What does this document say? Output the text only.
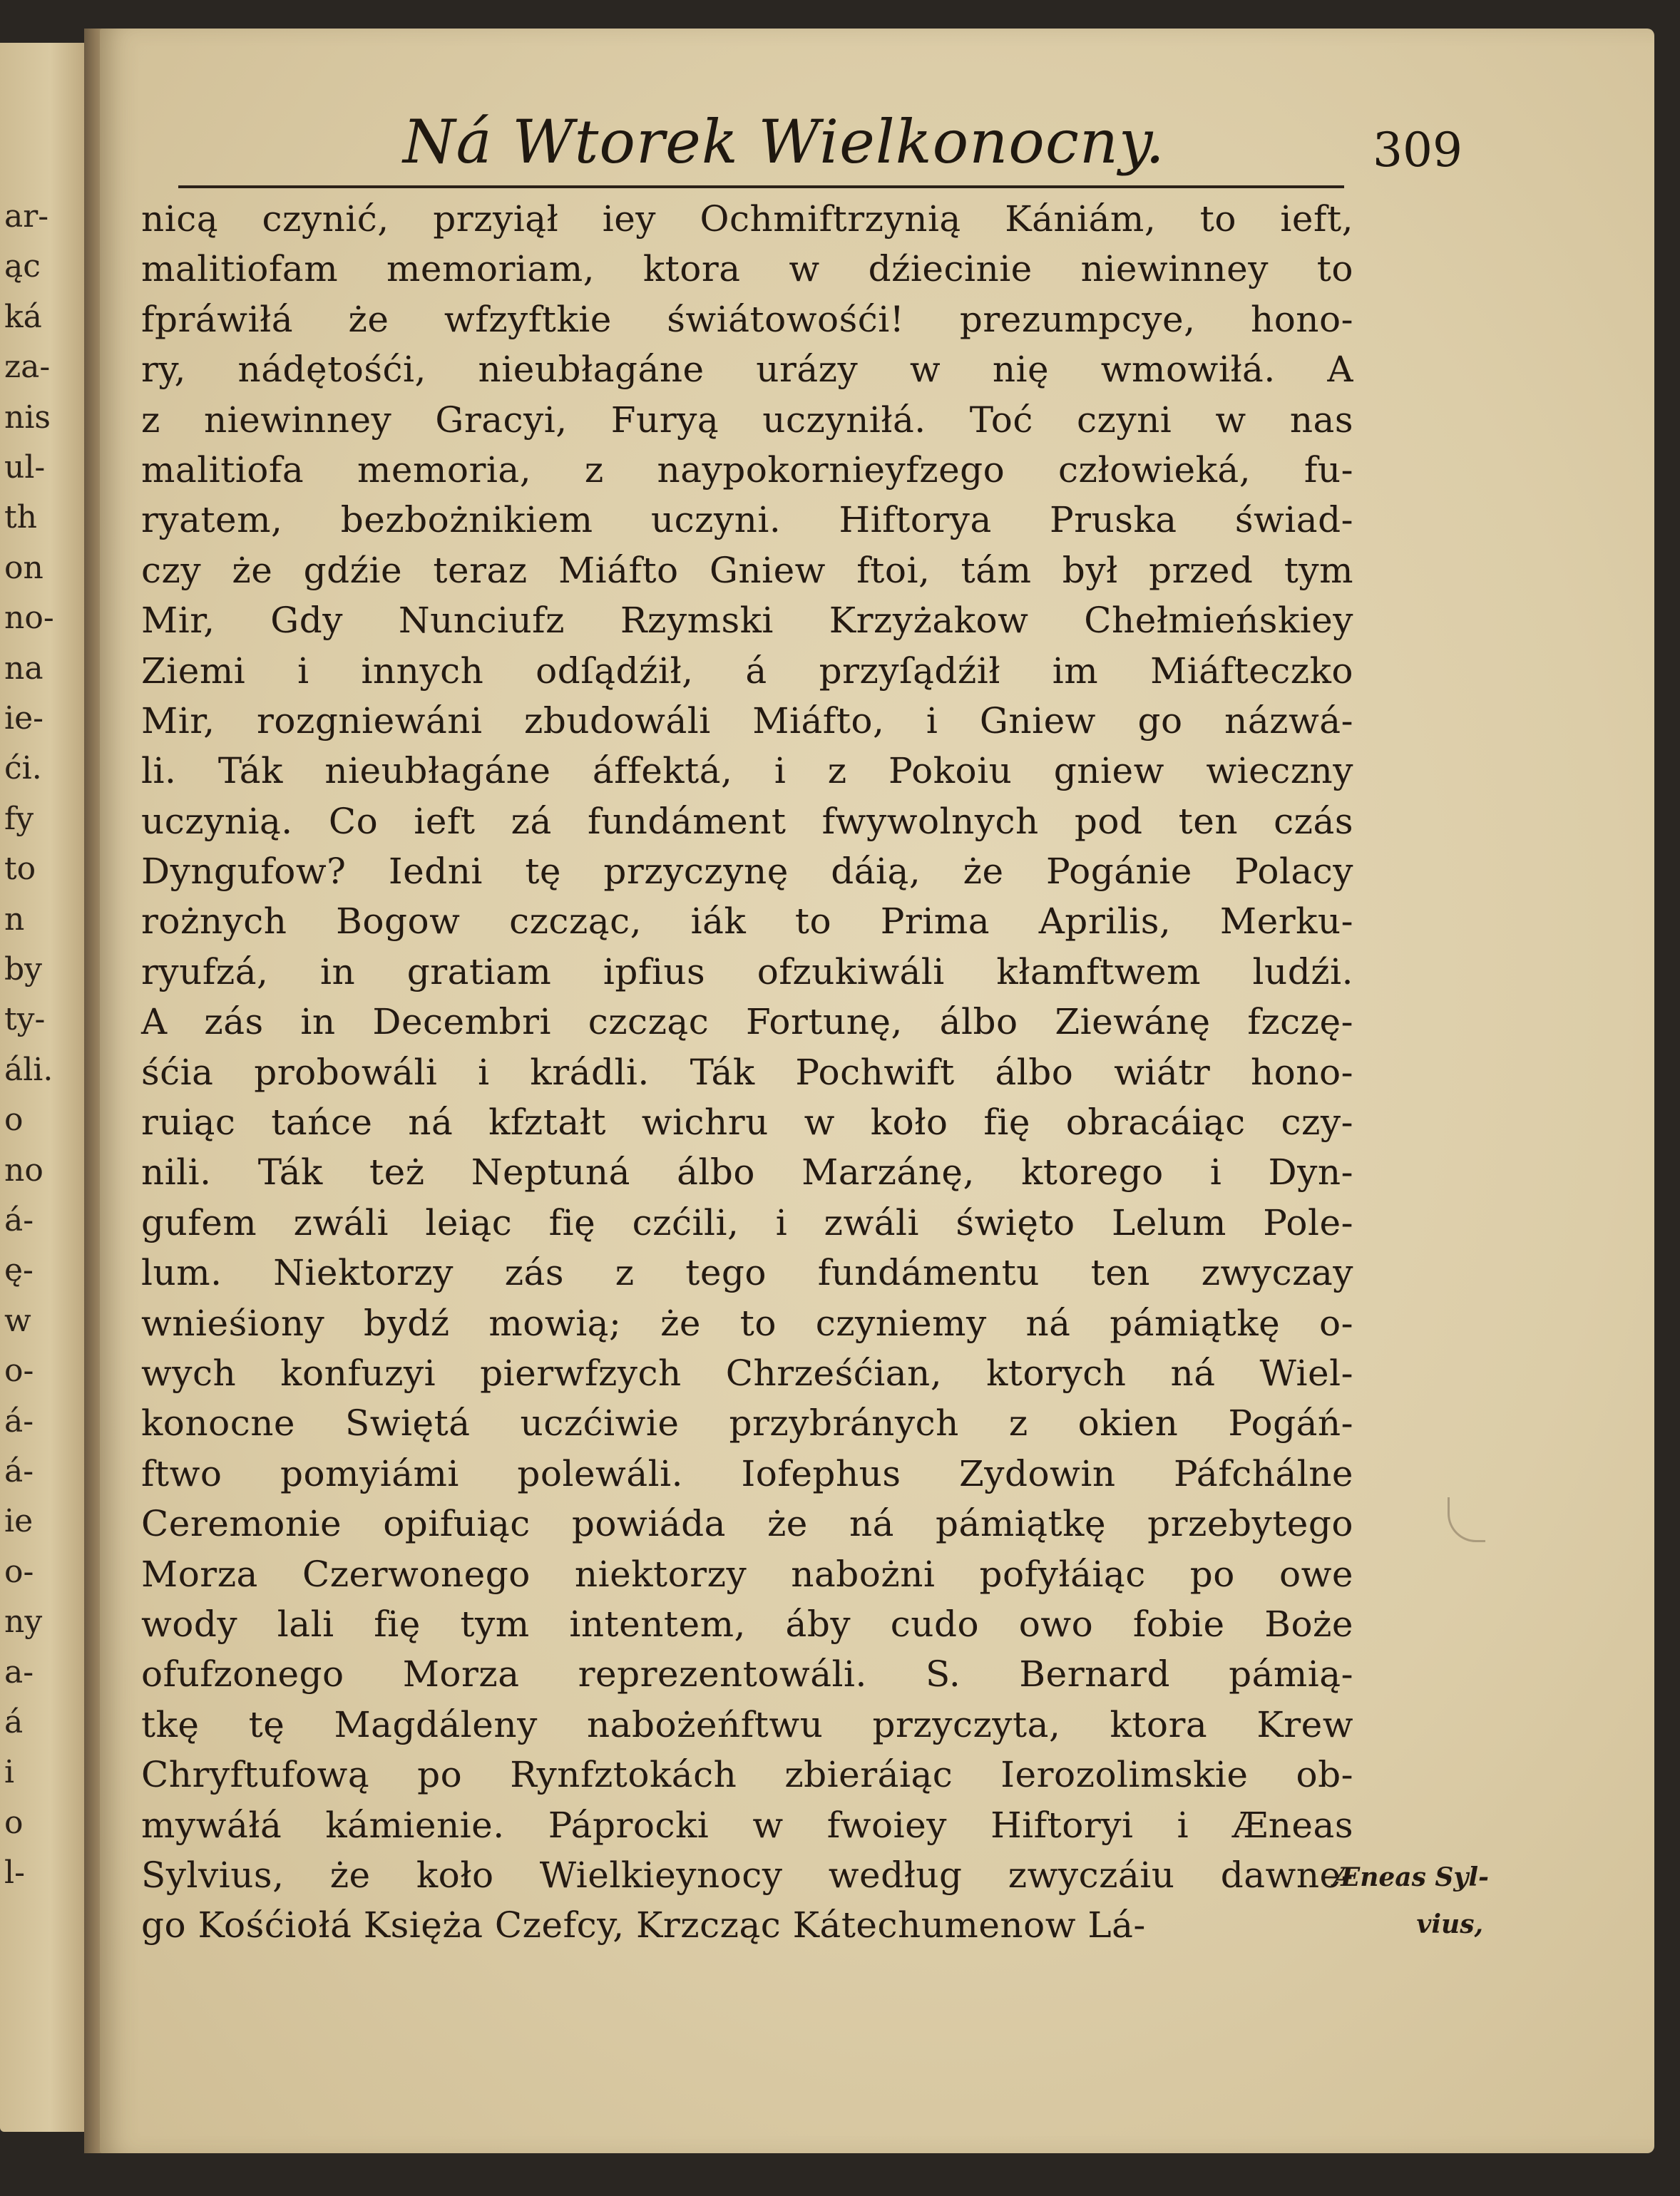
ar-
ąc
ká
za-
nis
ul-
th
on
no-
na
ie-
ći.
fy
to
n
by
ty-
áli.
o
no
á-
ę-
w
o-
á-
á-
ie
o-
ny
a-
á
i
o
l-
Ná Wtorek Wielkonocny.	309
nicą czynić, przyiął iey Ochmiftrzynią Kániám, to ieft,
malitiofam memoriam, ktora w dźiecinie niewinney to
fpráwiłá że wfzyftkie świátowośći! prezumpcye, hono-
ry, nádętośći, nieubłagáne urázy w nię wmowiłá. A
z niewinney Gracyi, Furyą uczyniłá. Toć czyni w nas
malitiofa memoria, z naypokornieyfzego człowieká, fu-
ryatem, bezbożnikiem uczyni. Hiftorya Pruska świad-
czy że gdźie teraz Miáfto Gniew ftoi, tám był przed tym
Mir, Gdy Nunciufz Rzymski Krzyżakow Chełmieńskiey
Ziemi i innych odſądźił, á przyſądźił im Miáfteczko
Mir, rozgniewáni zbudowáli Miáfto, i Gniew go názwá-
li. Ták nieubłagáne áffektá, i z Pokoiu gniew wieczny
uczynią. Co ieft zá fundáment fwywolnych pod ten czás
Dyngufow? Iedni tę przyczynę dáią, że Pogánie Polacy
rożnych Bogow czcząc, iák to Prima Aprilis, Merku-
ryufzá, in gratiam ipfius ofzukiwáli kłamftwem ludźi.
A zás in Decembri czcząc Fortunę, álbo Ziewánę fzczę-
śćia probowáli i krádli. Ták Pochwift álbo wiátr hono-
ruiąc tańce ná kfztałt wichru w koło fię obracáiąc czy-
nili. Ták też Neptuná álbo Marzánę, ktorego i Dyn-
gufem zwáli leiąc fię czćili, i zwáli święto Lelum Pole-
lum. Niektorzy zás z tego fundámentu ten zwyczay
wnieśiony bydź mowią; że to czyniemy ná pámiątkę o-
wych konfuzyi pierwfzych Chrześćian, ktorych ná Wiel-
konocne Swiętá uczćiwie przybránych z okien Pogáń-
ftwo pomyiámi polewáli. Iofephus Zydowin Páfchálne
Ceremonie opifuiąc powiáda że ná pámiątkę przebytego
Morza Czerwonego niektorzy nabożni pofyłáiąc po owe
wody lali fię tym intentem, áby cudo owo fobie Boże
ofufzonego Morza reprezentowáli. S. Bernard pámią-
tkę tę Magdáleny nabożeńftwu przyczyta, ktora Krew
Chryftufową po Rynfztokách zbieráiąc Ierozolimskie ob-
mywáłá kámienie. Páprocki w fwoiey Hiftoryi i Æneas
Sylvius, że koło Wielkieynocy według zwyczáiu dawne-
go Kośćiołá Księża Czefcy, Krzcząc Kátechumenow Lá-
Æneas Syl-
vius,
